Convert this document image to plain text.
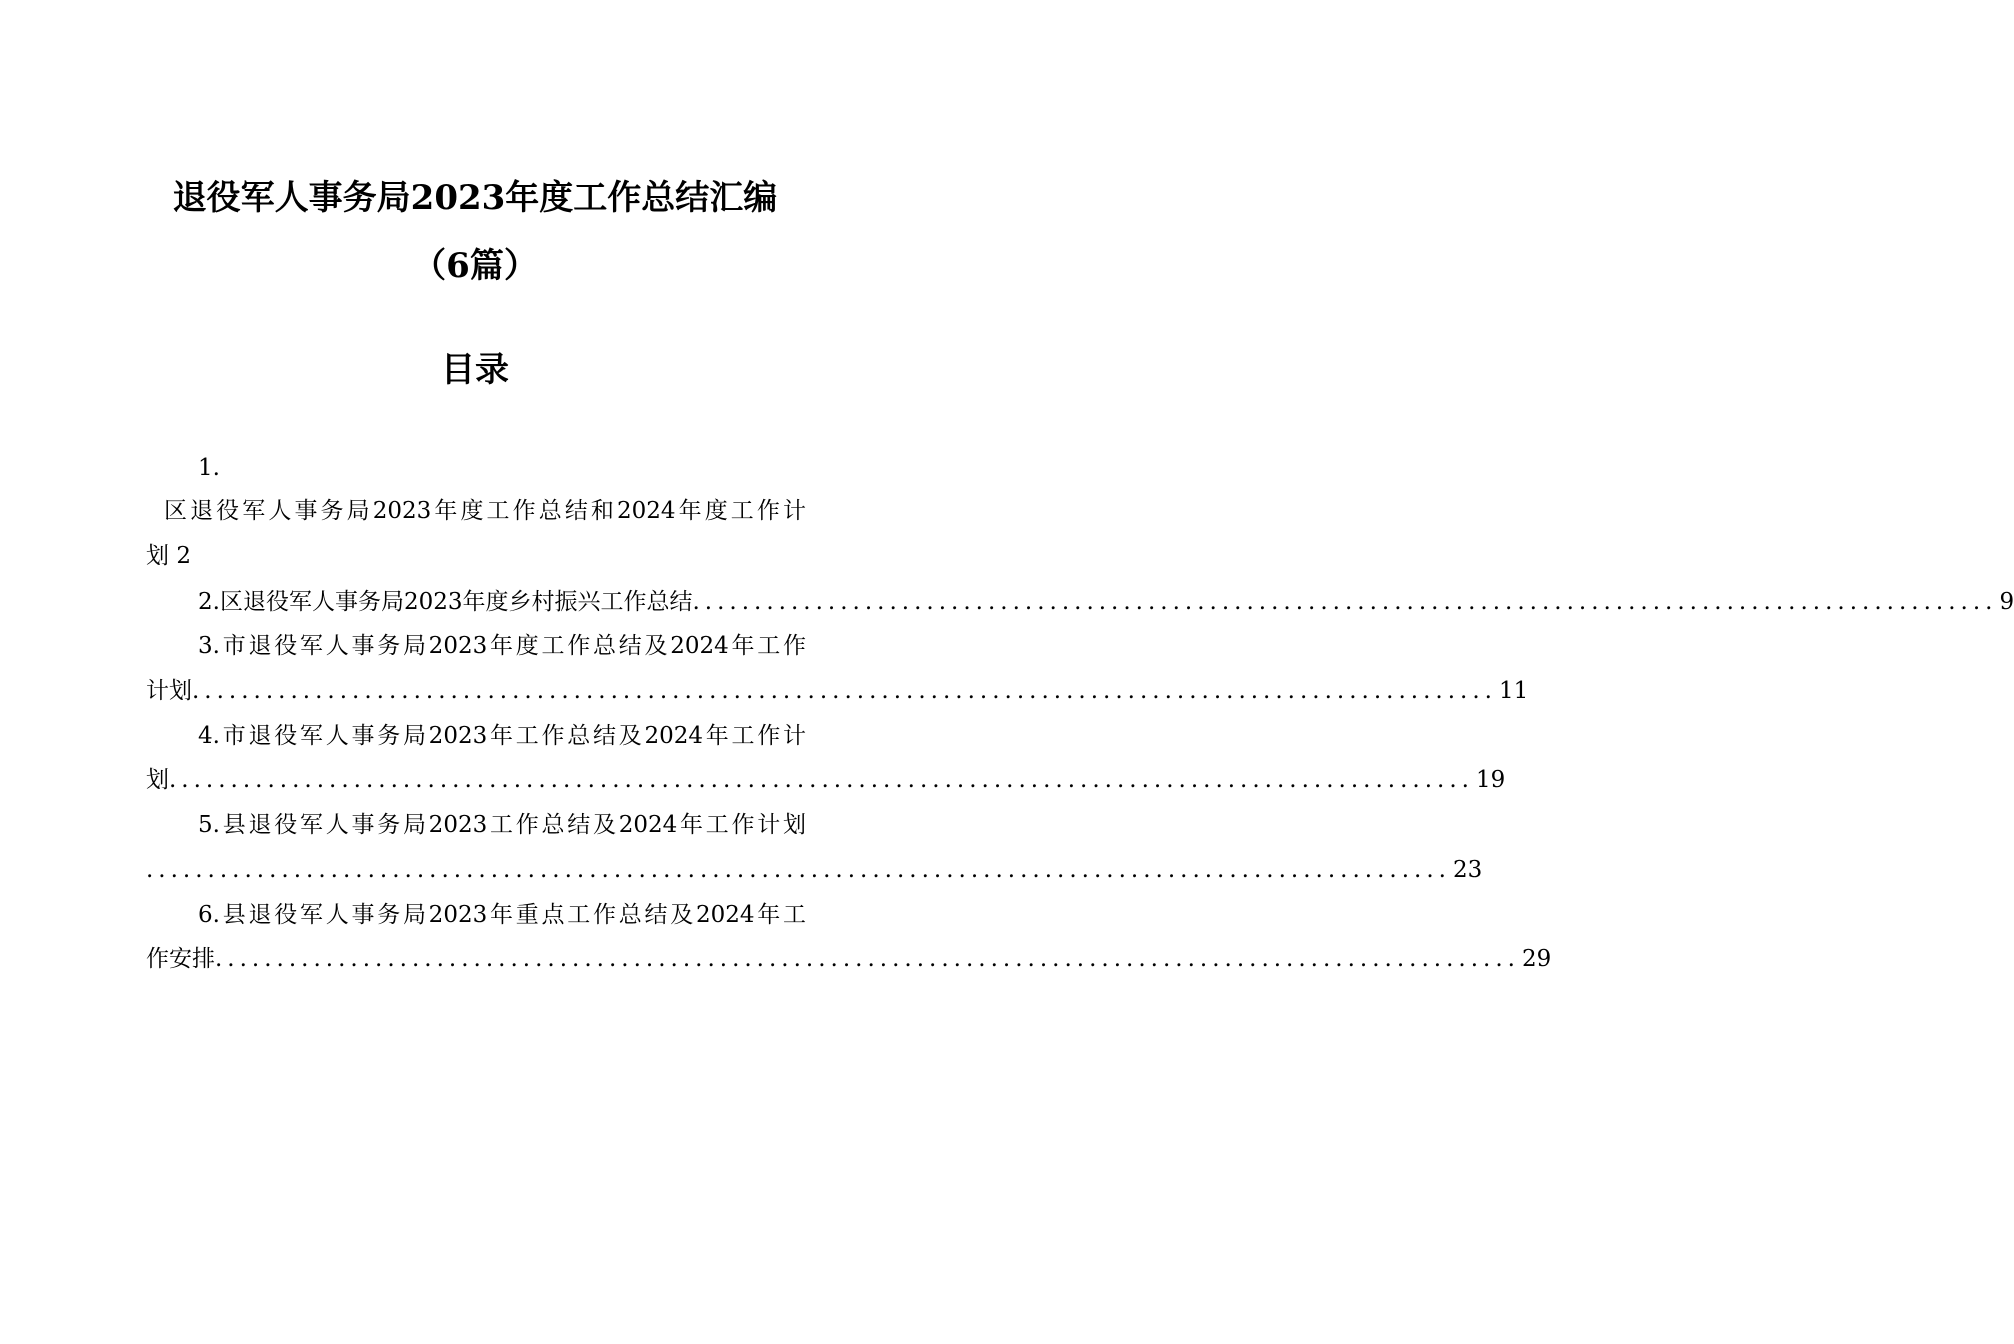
退役军人事务局2023年度工作总结汇编
（6篇）
目录
1.
区退役军人事务局2023年度工作总结和2024年度工作计
划 2
2.区退役军人事务局2023年度乡村振兴工作总结 .......................................................................................................... 9
3.市退役军人事务局2023年度工作总结及2024年工作
计划 .......................................................................................................... 11
4.市退役军人事务局2023年工作总结及2024年工作计
划 .......................................................................................................... 19
5.县退役军人事务局2023工作总结及2024年工作计划
.......................................................................................................... 23
6.县退役军人事务局2023年重点工作总结及2024年工
作安排 .......................................................................................................... 29
